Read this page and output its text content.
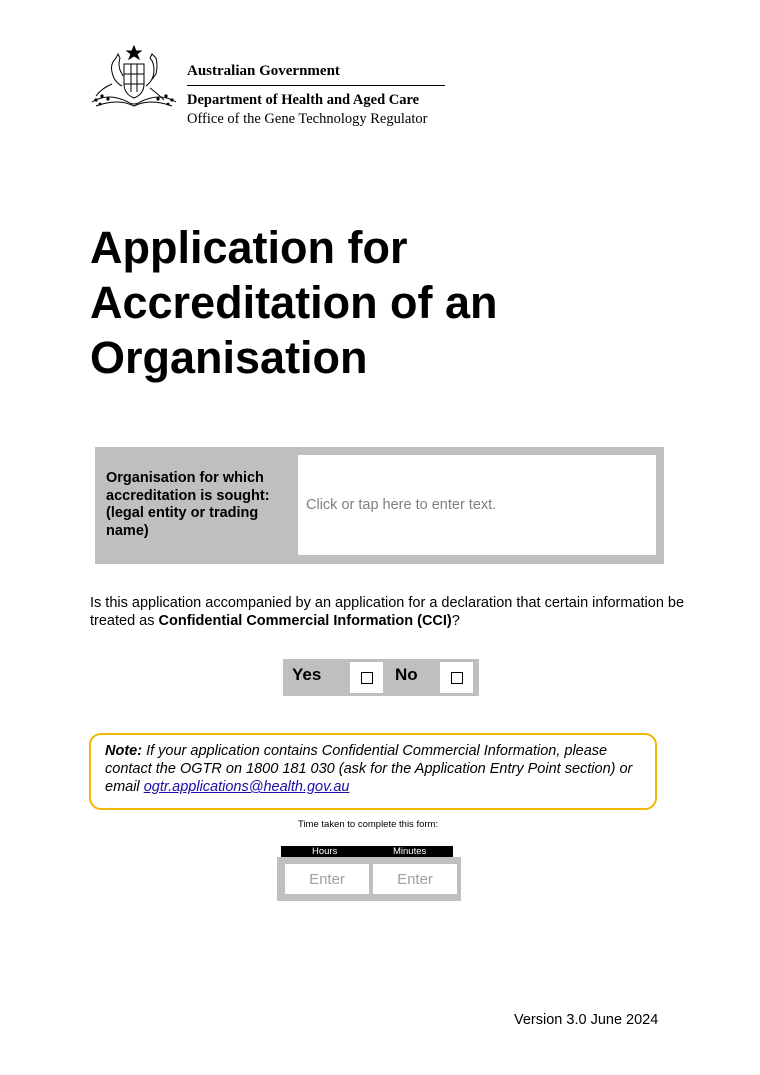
Australian Government
Department of Health and Aged Care
Office of the Gene Technology Regulator
Application for Accreditation of an Organisation
Organisation for which accreditation is sought: (legal entity or trading name)
Click or tap here to enter text.
Is this application accompanied by an application for a declaration that certain information be treated as Confidential Commercial Information (CCI)?
Yes	No
Note: If your application contains Confidential Commercial Information, please contact the OGTR on 1800 181 030 (ask for the Application Entry Point section) or email ogtr.applications@health.gov.au
Time taken to complete this form:
Hours	Minutes
Enter	Enter
Version 3.0 June 2024
